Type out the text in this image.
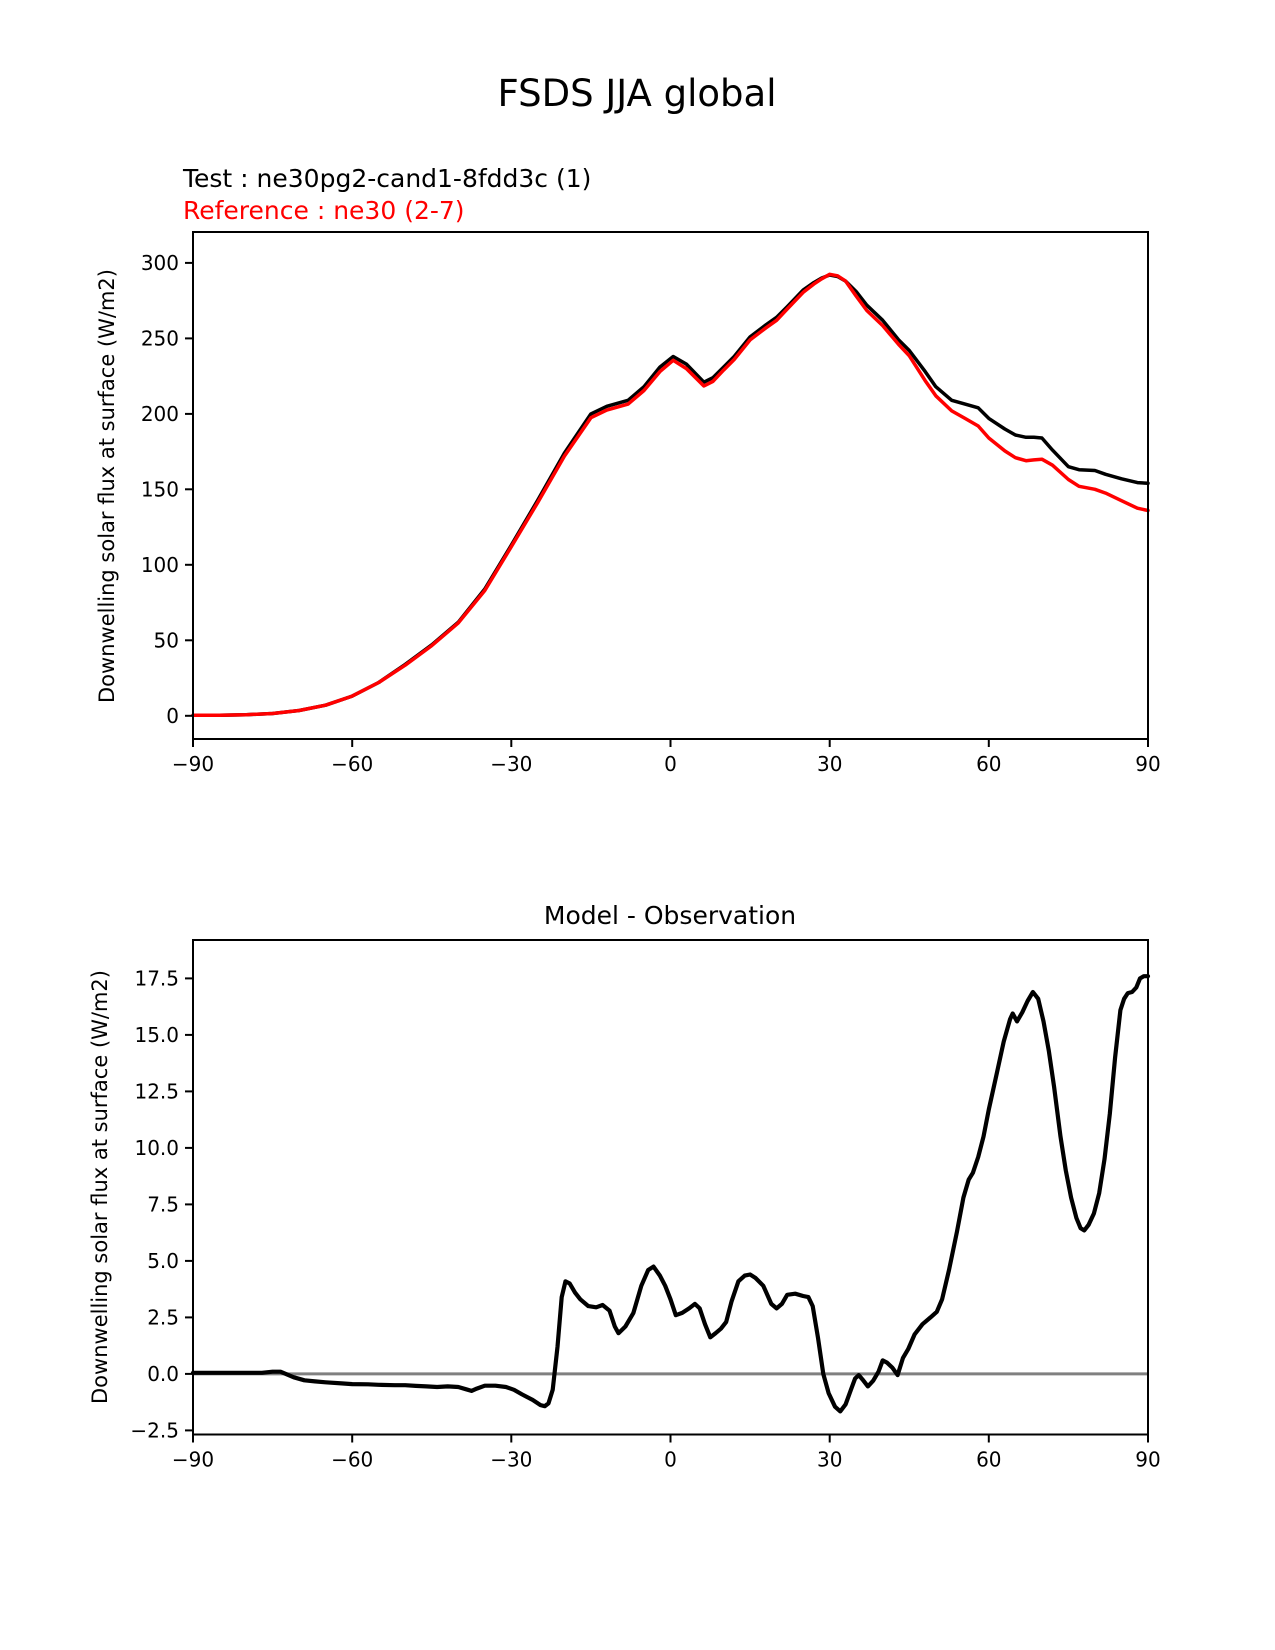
−90	−60	−30	0	30	60	90
0
50
100
150
200
250
300
−90	−60	−30	0	30	60	90
−2.5
0.0
2.5
5.0
7.5
10.0
12.5
15.0
17.5
FSDS JJA global
Test : ne30pg2-cand1-8fdd3c (1)
Reference : ne30 (2-7)
Downwelling solar flux at surface (W/m2)
Downwelling solar flux at surface (W/m2)
Model - Observation
